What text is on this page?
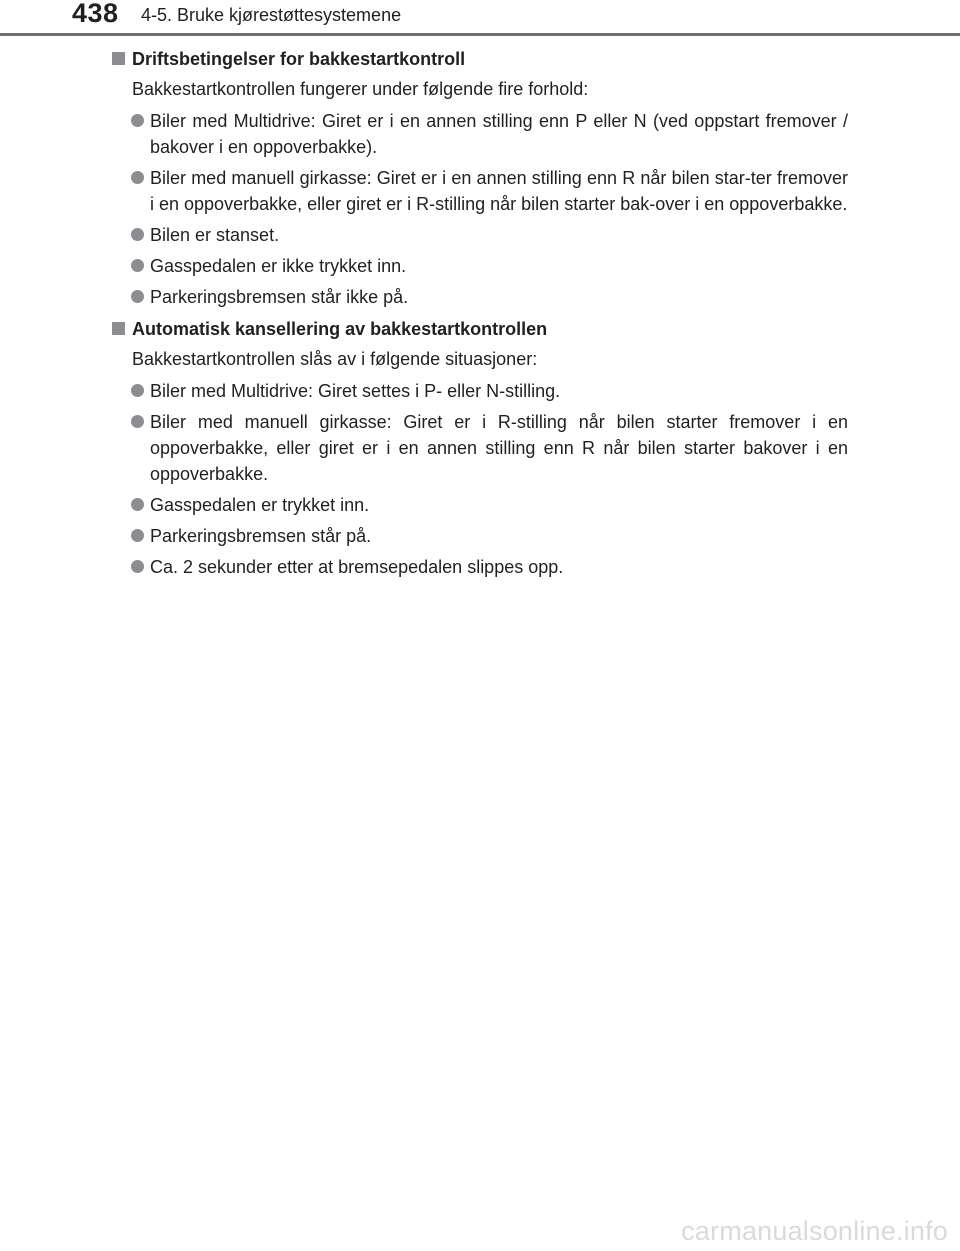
438 4-5. Bruke kjørestøttesystemene
Driftsbetingelser for bakkestartkontroll
Bakkestartkontrollen fungerer under følgende fire forhold:
Biler med Multidrive: Giret er i en annen stilling enn P eller N (ved oppstart fremover / bakover i en oppoverbakke).
Biler med manuell girkasse: Giret er i en annen stilling enn R når bilen star-ter fremover i en oppoverbakke, eller giret er i R-stilling når bilen starter bak-over i en oppoverbakke.
Bilen er stanset.
Gasspedalen er ikke trykket inn.
Parkeringsbremsen står ikke på.
Automatisk kansellering av bakkestartkontrollen
Bakkestartkontrollen slås av i følgende situasjoner:
Biler med Multidrive: Giret settes i P- eller N-stilling.
Biler med manuell girkasse: Giret er i R-stilling når bilen starter fremover i en oppoverbakke, eller giret er i en annen stilling enn R når bilen starter bakover i en oppoverbakke.
Gasspedalen er trykket inn.
Parkeringsbremsen står på.
Ca. 2 sekunder etter at bremsepedalen slippes opp.
carmanualsonline.info
